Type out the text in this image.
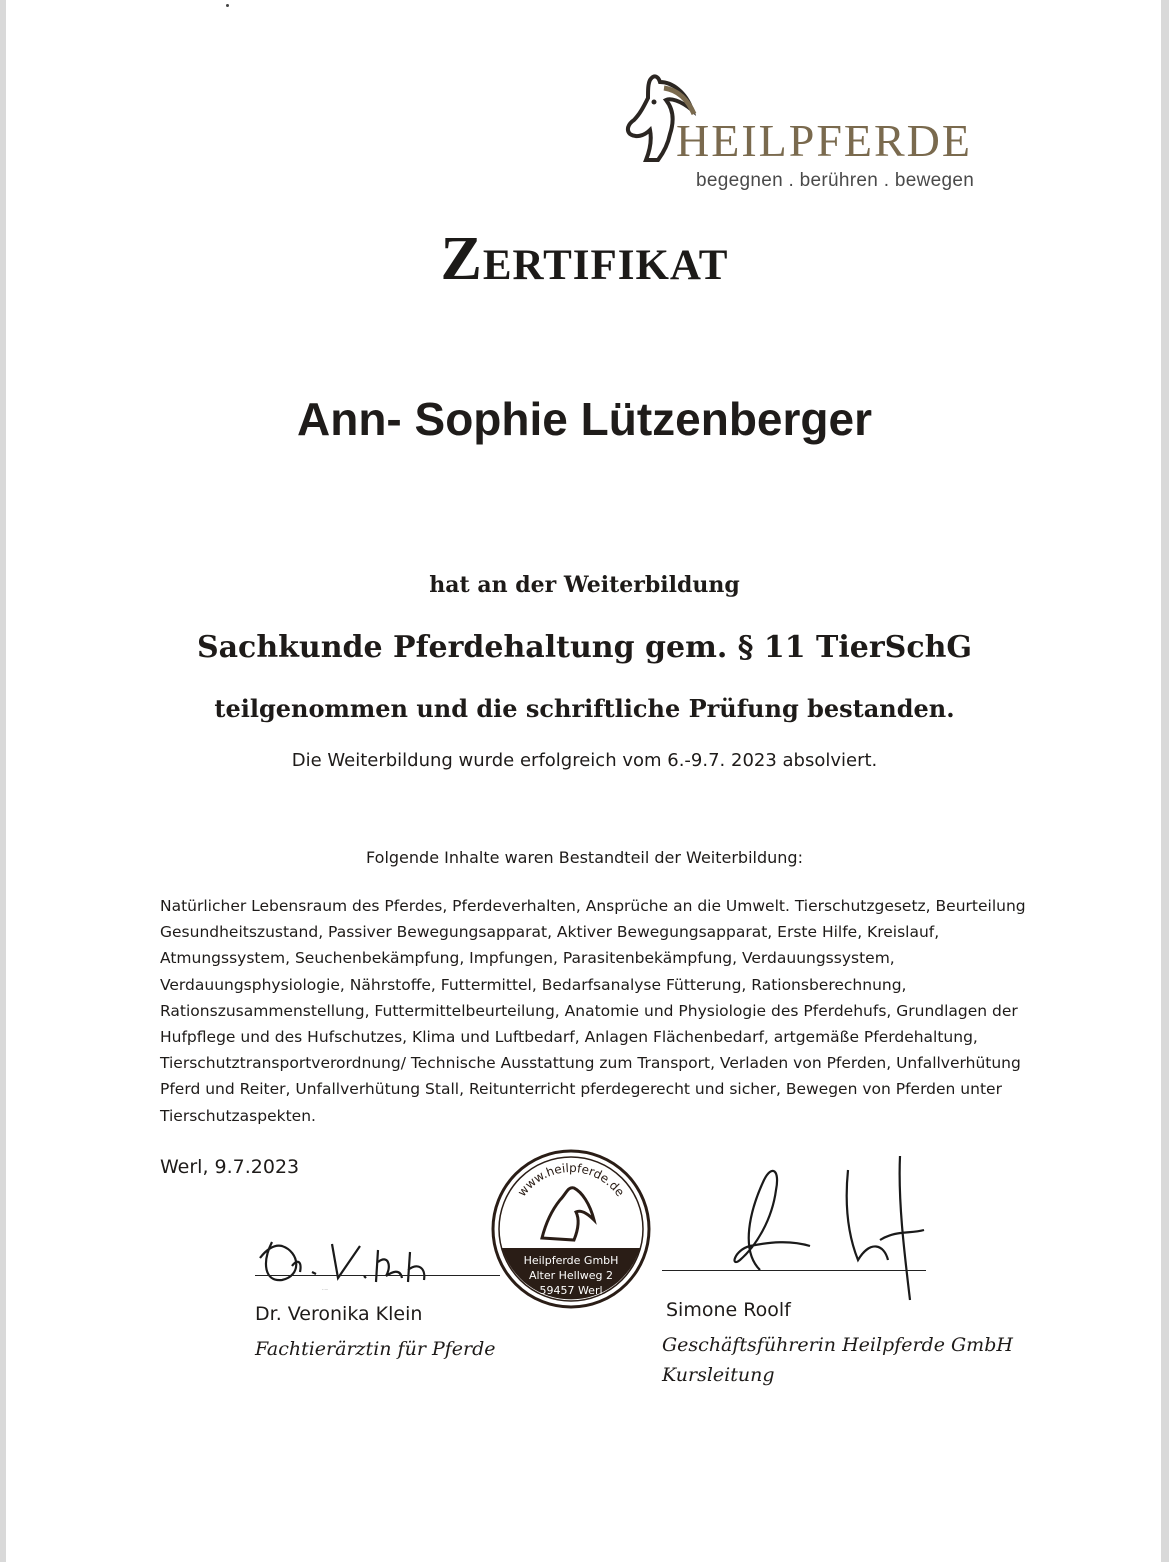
HEILPFERDE
begegnen . berühren . bewegen
Zertifikat
Ann- Sophie Lützenberger
hat an der Weiterbildung
Sachkunde Pferdehaltung gem. § 11 TierSchG
teilgenommen und die schriftliche Prüfung bestanden.
Die Weiterbildung wurde erfolgreich vom 6.-9.7. 2023 absolviert.
Folgende Inhalte waren Bestandteil der Weiterbildung:
Natürlicher Lebensraum des Pferdes, Pferdeverhalten, Ansprüche an die Umwelt. Tierschutzgesetz, Beurteilung Gesundheitszustand, Passiver Bewegungsapparat, Aktiver Bewegungsapparat, Erste Hilfe, Kreislauf, Atmungssystem, Seuchenbekämpfung, Impfungen, Parasitenbekämpfung, Verdauungssystem, Verdauungsphysiologie, Nährstoffe, Futtermittel, Bedarfsanalyse Fütterung, Rationsberechnung, Rationszusammenstellung, Futtermittelbeurteilung, Anatomie und Physiologie des Pferdehufs, Grundlagen der Hufpflege und des Hufschutzes, Klima und Luftbedarf, Anlagen Flächenbedarf, artgemäße Pferdehaltung, Tierschutztransportverordnung/ Technische Ausstattung zum Transport, Verladen von Pferden, Unfallverhütung Pferd und Reiter, Unfallverhütung Stall, Reitunterricht pferdegerecht und sicher, Bewegen von Pferden unter Tierschutzaspekten.
Werl, 9.7.2023
Dr. V. Klein
Dr. Veronika Klein
Fachtierärztin für Pferde
www.heilpferde.de
Heilpferde GmbH
Alter Hellweg 2
59457 Werl
Simone Roolf
Geschäftsführerin Heilpferde GmbH
Kursleitung
